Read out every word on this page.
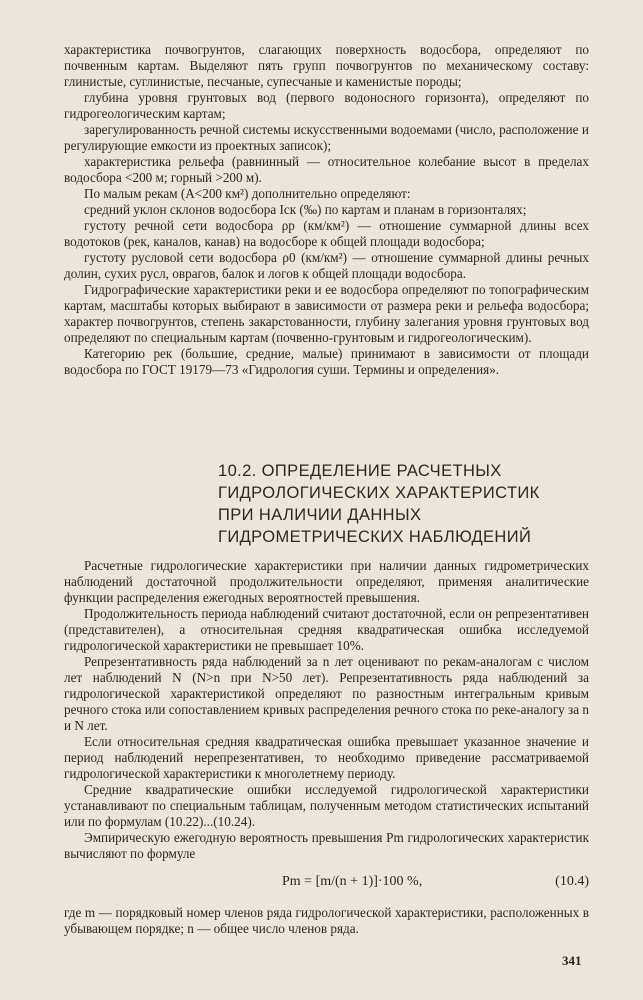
характеристика почвогрунтов, слагающих поверхность водосбора, определяют по почвенным картам. Выделяют пять групп почвогрунтов по механическому составу: глинистые, суглинистые, песчаные, супесчаные и каменистые породы;

глубина уровня грунтовых вод (первого водоносного горизонта), определяют по гидрогеологическим картам;

зарегулированность речной системы искусственными водоемами (число, расположение и регулирующие емкости из проектных записок);

характеристика рельефа (равнинный — относительное колебание высот в пределах водосбора <200 м; горный >200 м).

По малым рекам (A<200 км²) дополнительно определяют:

средний уклон склонов водосбора Iск (‰) по картам и планам в горизонталях;

густоту речной сети водосбора ρр (км/км²) — отношение суммарной длины всех водотоков (рек, каналов, канав) на водосборе к общей площади водосбора;

густоту русловой сети водосбора ρ0 (км/км²) — отношение суммарной длины речных долин, сухих русл, оврагов, балок и логов к общей площади водосбора.

Гидрографические характеристики реки и ее водосбора определяют по топографическим картам, масштабы которых выбирают в зависимости от размера реки и рельефа водосбора; характер почвогрунтов, степень закарстованности, глубину залегания уровня грунтовых вод определяют по специальным картам (почвенно-грунтовым и гидрогеологическим).

Категорию рек (большие, средние, малые) принимают в зависимости от площади водосбора по ГОСТ 19179—73 «Гидрология суши. Термины и определения».

10.2. ОПРЕДЕЛЕНИЕ РАСЧЕТНЫХ
ГИДРОЛОГИЧЕСКИХ ХАРАКТЕРИСТИК
ПРИ НАЛИЧИИ ДАННЫХ
ГИДРОМЕТРИЧЕСКИХ НАБЛЮДЕНИЙ

Расчетные гидрологические характеристики при наличии данных гидрометрических наблюдений достаточной продолжительности определяют, применяя аналитические функции распределения ежегодных вероятностей превышения.

Продолжительность периода наблюдений считают достаточной, если он репрезентативен (представителен), а относительная средняя квадратическая ошибка исследуемой гидрологической характеристики не превышает 10%.

Репрезентативность ряда наблюдений за n лет оценивают по рекам-аналогам с числом лет наблюдений N (N>n при N>50 лет). Репрезентативность ряда наблюдений за гидрологической характеристикой определяют по разностным интегральным кривым речного стока или сопоставлением кривых распределения речного стока по реке-аналогу за n и N лет.

Если относительная средняя квадратическая ошибка превышает указанное значение и период наблюдений нерепрезентативен, то необходимо приведение рассматриваемой гидрологической характеристики к многолетнему периоду.

Средние квадратические ошибки исследуемой гидрологической характеристики устанавливают по специальным таблицам, полученным методом статистических испытаний или по формулам (10.22)...(10.24).

Эмпирическую ежегодную вероятность превышения Pm гидрологических характеристик вычисляют по формуле

Pm = [m/(n + 1)]·100 %,	(10.4)

где m — порядковый номер членов ряда гидрологической характеристики, расположенных в убывающем порядке; n — общее число членов ряда.

341
